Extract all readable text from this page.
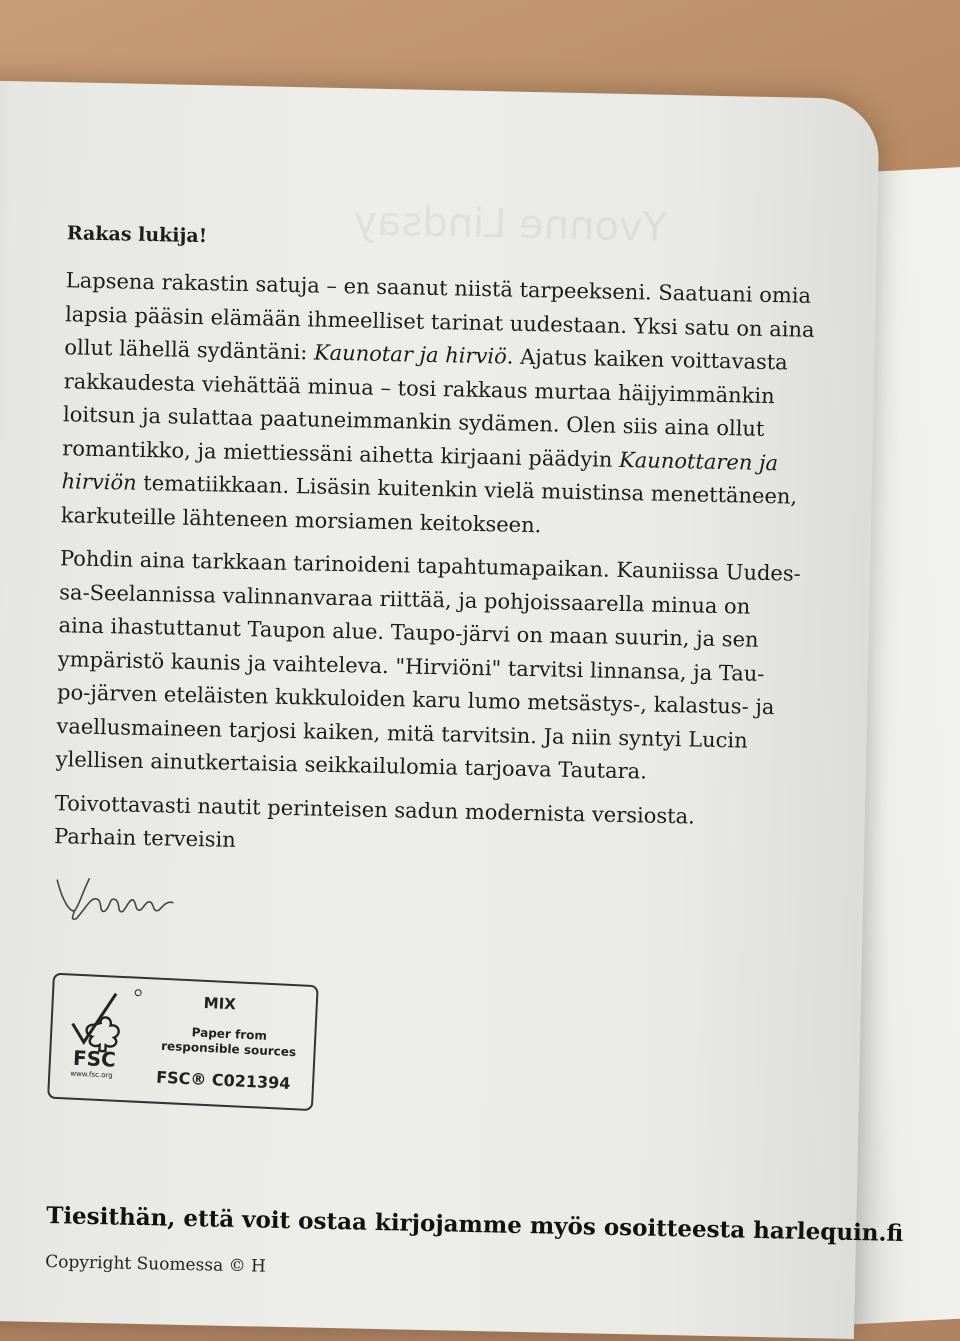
Yvonne Lindsay

Rakas lukija!

Lapsena rakastin satuja – en saanut niistä tarpeekseni. Saatuani omia
lapsia pääsin elämään ihmeelliset tarinat uudestaan. Yksi satu on aina
ollut lähellä sydäntäni: Kaunotar ja hirviö. Ajatus kaiken voittavasta
rakkaudesta viehättää minua – tosi rakkaus murtaa häijyimmänkin
loitsun ja sulattaa paatuneimmankin sydämen. Olen siis aina ollut
romantikko, ja miettiessäni aihetta kirjaani päädyin Kaunottaren ja
hirviön tematiikkaan. Lisäsin kuitenkin vielä muistinsa menettäneen,
karkuteille lähteneen morsiamen keitokseen.

Pohdin aina tarkkaan tarinoideni tapahtumapaikan. Kauniissa Uudes-
sa-Seelannissa valinnanvaraa riittää, ja pohjoissaarella minua on
aina ihastuttanut Taupon alue. Taupo-järvi on maan suurin, ja sen
ympäristö kaunis ja vaihteleva. "Hirviöni" tarvitsi linnansa, ja Tau-
po-järven eteläisten kukkuloiden karu lumo metsästys-, kalastus- ja
vaellusmaineen tarjosi kaiken, mitä tarvitsin. Ja niin syntyi Lucin
ylellisen ainutkertaisia seikkailulomia tarjoava Tautara.

Toivottavasti nautit perinteisen sadun modernista versiosta.

Parhain terveisin

FSC
www.fsc.org
MIX
Paper from
responsible sources
FSC® C021394
Tiesithän, että voit ostaa kirjojamme myös osoitteesta harlequin.fi
Copyright Suomessa © H
